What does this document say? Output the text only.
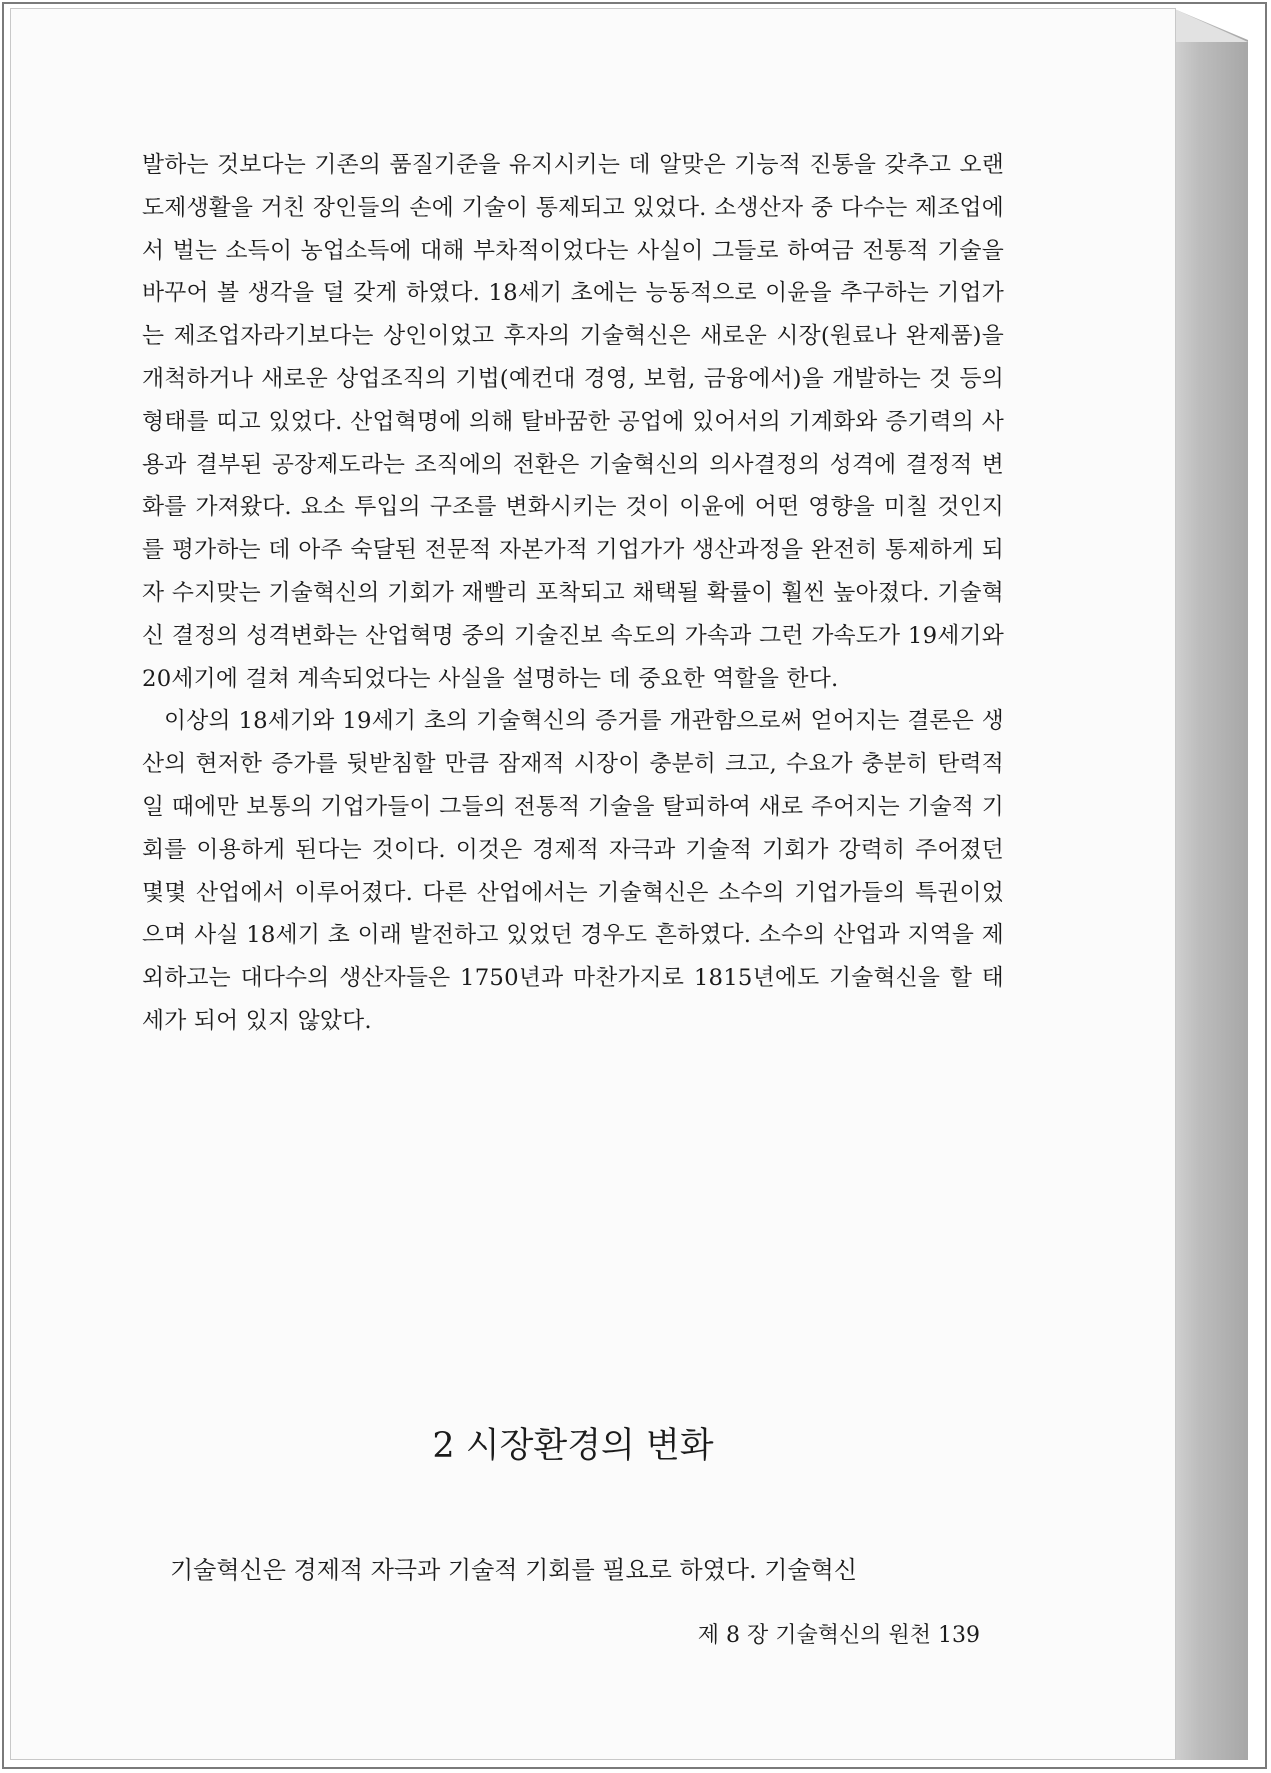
발하는 것보다는 기존의 품질기준을 유지시키는 데 알맞은 기능적 진통을 갖추고 오랜 도제생활을 거친 장인들의 손에 기술이 통제되고 있었다. 소생산자 중 다수는 제조업에서 벌는 소득이 농업소득에 대해 부차적이었다는 사실이 그들로 하여금 전통적 기술을 바꾸어 볼 생각을 덜 갖게 하였다. 18세기 초에는 능동적으로 이윤을 추구하는 기업가는 제조업자라기보다는 상인이었고 후자의 기술혁신은 새로운 시장(원료나 완제품)을 개척하거나 새로운 상업조직의 기법(예컨대 경영, 보험, 금융에서)을 개발하는 것 등의 형태를 띠고 있었다. 산업혁명에 의해 탈바꿈한 공업에 있어서의 기계화와 증기력의 사용과 결부된 공장제도라는 조직에의 전환은 기술혁신의 의사결정의 성격에 결정적 변화를 가져왔다. 요소 투입의 구조를 변화시키는 것이 이윤에 어떤 영향을 미칠 것인지를 평가하는 데 아주 숙달된 전문적 자본가적 기업가가 생산과정을 완전히 통제하게 되자 수지맞는 기술혁신의 기회가 재빨리 포착되고 채택될 확률이 훨씬 높아졌다. 기술혁신 결정의 성격변화는 산업혁명 중의 기술진보 속도의 가속과 그런 가속도가 19세기와 20세기에 걸쳐 계속되었다는 사실을 설명하는 데 중요한 역할을 한다.

이상의 18세기와 19세기 초의 기술혁신의 증거를 개관함으로써 얻어지는 결론은 생산의 현저한 증가를 뒷받침할 만큼 잠재적 시장이 충분히 크고, 수요가 충분히 탄력적일 때에만 보통의 기업가들이 그들의 전통적 기술을 탈피하여 새로 주어지는 기술적 기회를 이용하게 된다는 것이다. 이것은 경제적 자극과 기술적 기회가 강력히 주어졌던 몇몇 산업에서 이루어졌다. 다른 산업에서는 기술혁신은 소수의 기업가들의 특권이었으며 사실 18세기 초 이래 발전하고 있었던 경우도 흔하였다. 소수의 산업과 지역을 제외하고는 대다수의 생산자들은 1750년과 마찬가지로 1815년에도 기술혁신을 할 태세가 되어 있지 않았다.

2 시장환경의 변화

기술혁신은 경제적 자극과 기술적 기회를 필요로 하였다. 기술혁신

제 8 장 기술혁신의 원천 139
